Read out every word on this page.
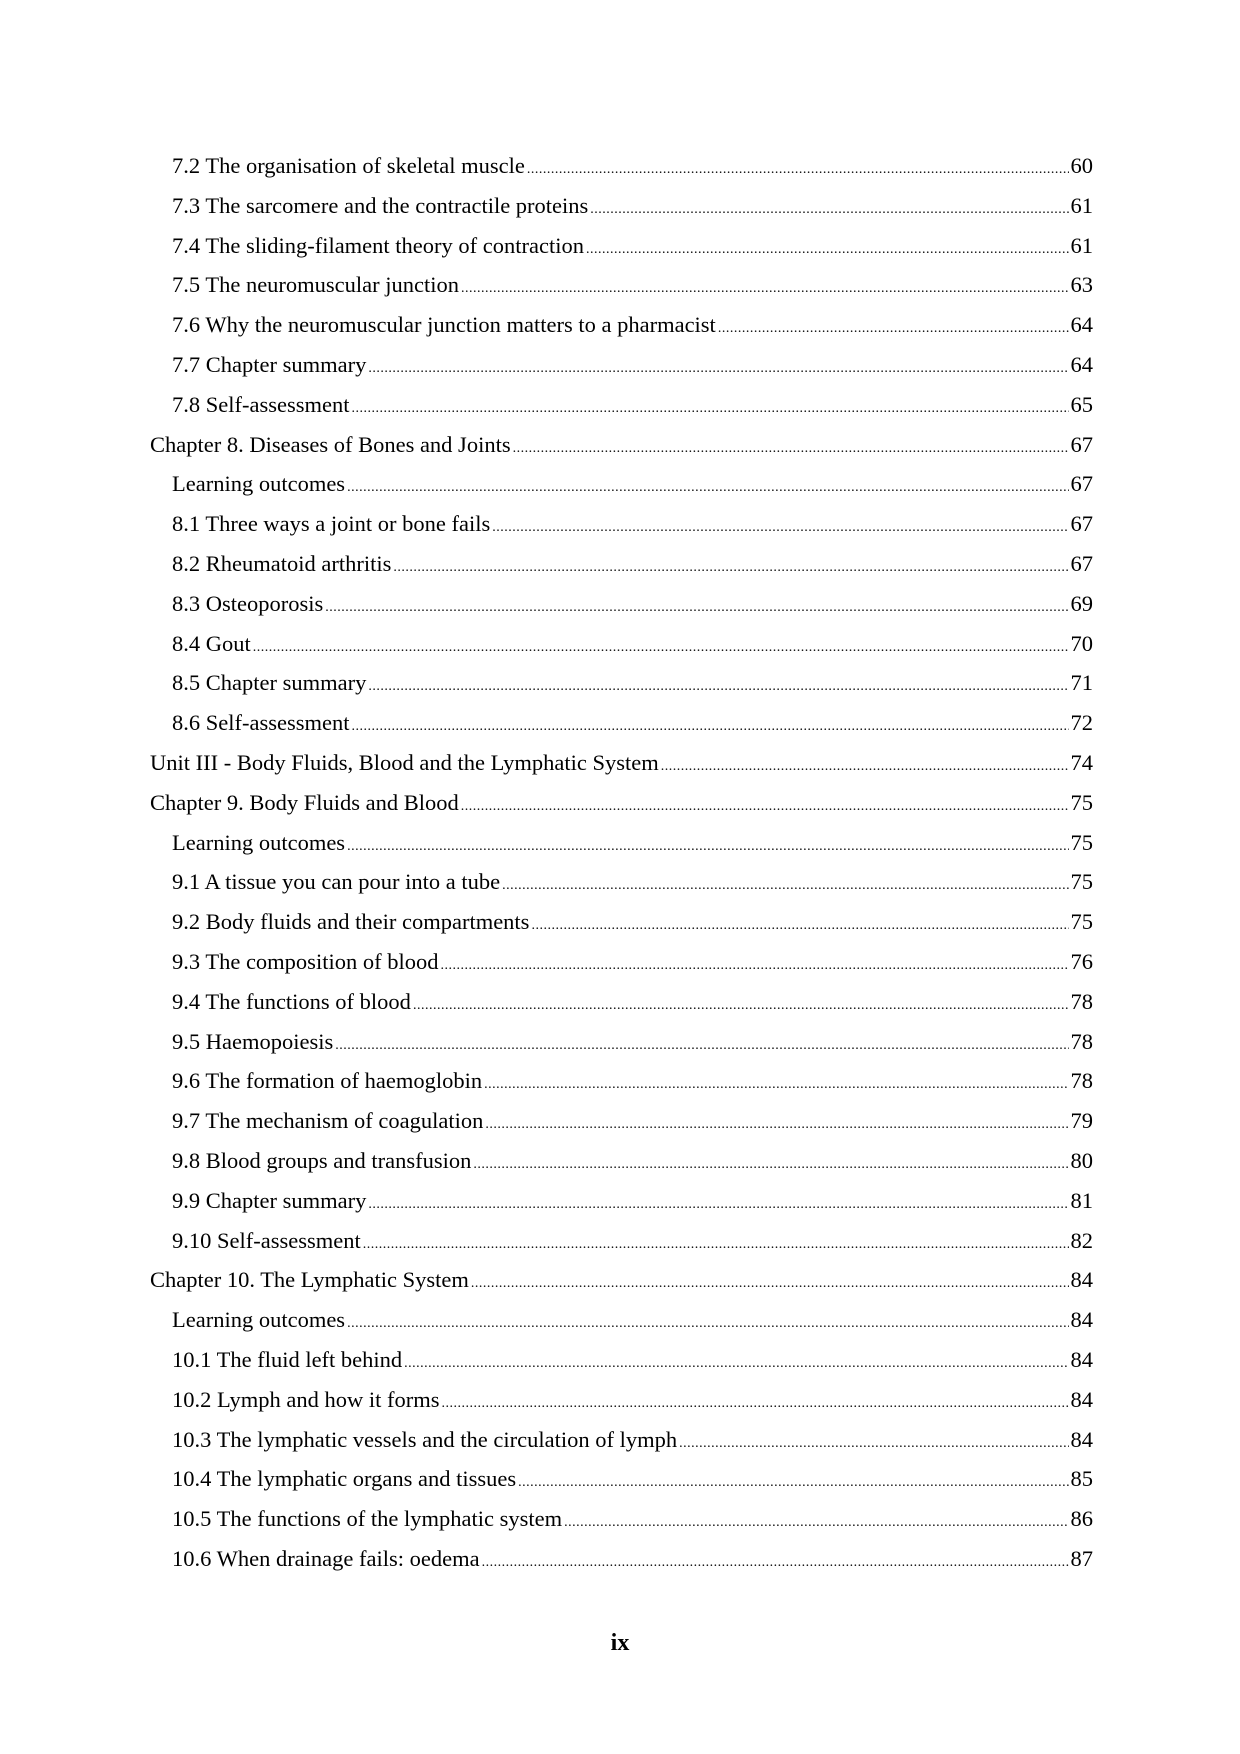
7.2 The organisation of skeletal muscle .....	60
7.3 The sarcomere and the contractile proteins .....	61
7.4 The sliding-filament theory of contraction .....	61
7.5 The neuromuscular junction .....	63
7.6 Why the neuromuscular junction matters to a pharmacist .....	64
7.7 Chapter summary .....	64
7.8 Self-assessment .....	65
Chapter 8. Diseases of Bones and Joints .....	67
Learning outcomes .....	67
8.1 Three ways a joint or bone fails .....	67
8.2 Rheumatoid arthritis .....	67
8.3 Osteoporosis .....	69
8.4 Gout .....	70
8.5 Chapter summary .....	71
8.6 Self-assessment .....	72
Unit III - Body Fluids, Blood and the Lymphatic System .....	74
Chapter 9. Body Fluids and Blood .....	75
Learning outcomes .....	75
9.1 A tissue you can pour into a tube .....	75
9.2 Body fluids and their compartments .....	75
9.3 The composition of blood .....	76
9.4 The functions of blood .....	78
9.5 Haemopoiesis .....	78
9.6 The formation of haemoglobin .....	78
9.7 The mechanism of coagulation .....	79
9.8 Blood groups and transfusion .....	80
9.9 Chapter summary .....	81
9.10 Self-assessment .....	82
Chapter 10. The Lymphatic System .....	84
Learning outcomes .....	84
10.1 The fluid left behind .....	84
10.2 Lymph and how it forms .....	84
10.3 The lymphatic vessels and the circulation of lymph .....	84
10.4 The lymphatic organs and tissues .....	85
10.5 The functions of the lymphatic system .....	86
10.6 When drainage fails: oedema .....	87
ix
